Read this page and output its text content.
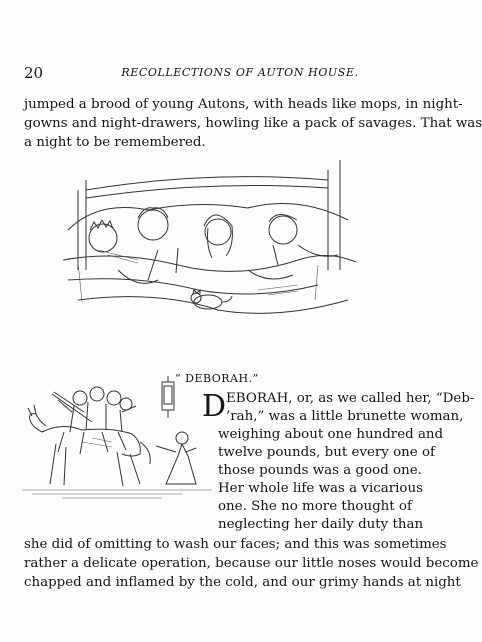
20	RECOLLECTIONS OF AUTON HOUSE.
jumped a brood of young Autons, with heads like mops, in night-
gowns and night-drawers, howling like a pack of savages. That was
a night to be remembered.
“ DEBORAH.”
D EBORAH, or, as we called her, “Deb-
’rah,” was a little brunette woman,
weighing about one hundred and
twelve pounds, but every one of
those pounds was a good one.
Her whole life was a vicarious
one. She no more thought of
neglecting her daily duty than
she did of omitting to wash our faces; and this was sometimes
rather a delicate operation, because our little noses would become
chapped and inflamed by the cold, and our grimy hands at night
